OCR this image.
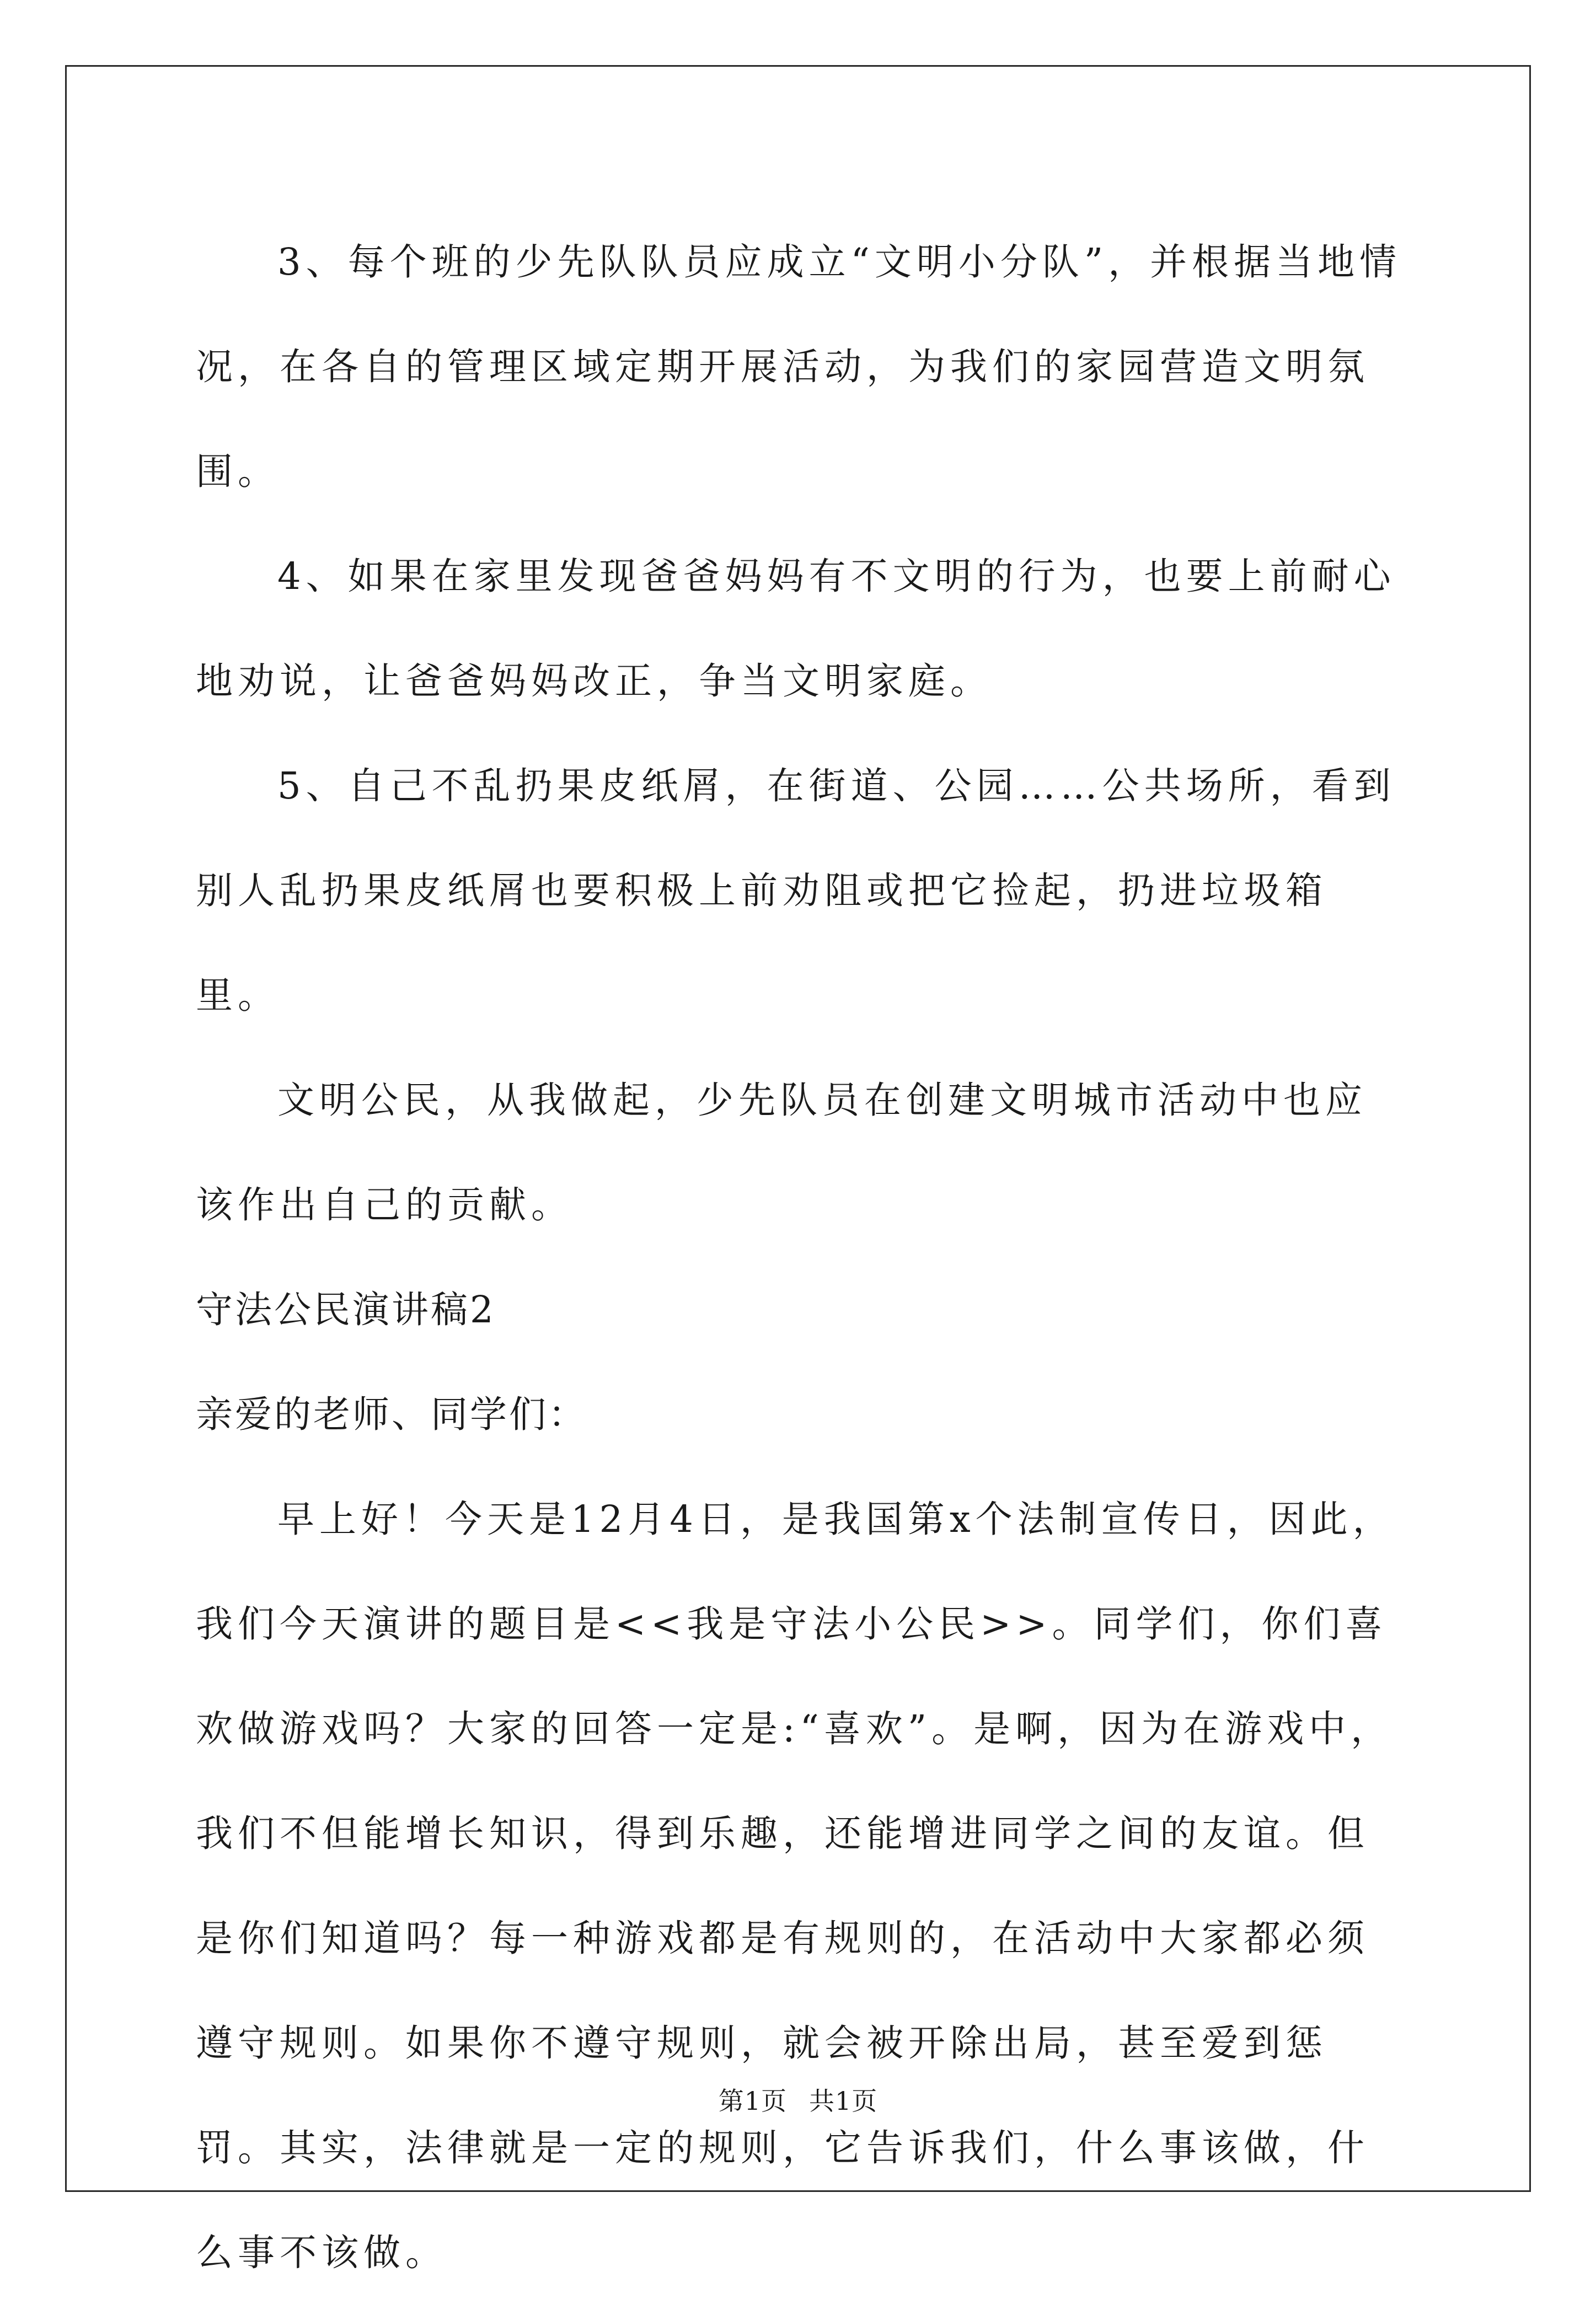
3、每个班的少先队队员应成立“文明小分队”，并根据当地情况，在各自的管理区域定期开展活动，为我们的家园营造文明氛围。

4、如果在家里发现爸爸妈妈有不文明的行为，也要上前耐心地劝说，让爸爸妈妈改正，争当文明家庭。

5、自己不乱扔果皮纸屑，在街道、公园……公共场所，看到别人乱扔果皮纸屑也要积极上前劝阻或把它捡起，扔进垃圾箱里。

文明公民，从我做起，少先队员在创建文明城市活动中也应该作出自己的贡献。

守法公民演讲稿2

亲爱的老师、同学们：

早上好！今天是12月4日，是我国第x个法制宣传日，因此，我们今天演讲的题目是<<我是守法小公民>>。同学们，你们喜欢做游戏吗？大家的回答一定是:“喜欢”。是啊，因为在游戏中，我们不但能增长知识，得到乐趣，还能增进同学之间的友谊。但是你们知道吗？每一种游戏都是有规则的，在活动中大家都必须遵守规则。如果你不遵守规则，就会被开除出局，甚至爱到惩罚。其实，法律就是一定的规则，它告诉我们，什么事该做，什么事不该做。

第1页 共1页
